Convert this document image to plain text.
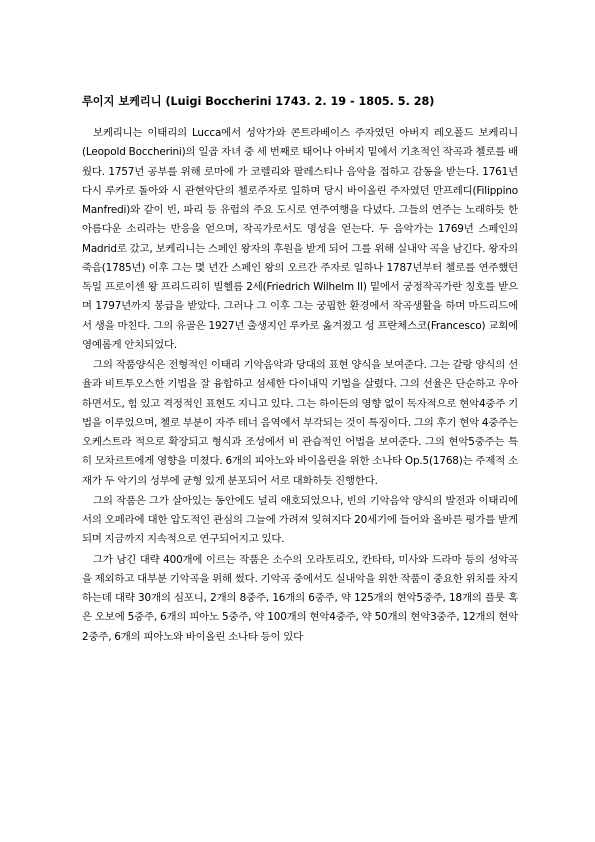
루이지 보케리니 (Luigi Boccherini 1743. 2. 19 - 1805. 5. 28)

보케리니는 이태리의 Lucca에서 성악가와 콘트라베이스 주자였던 아버지 레오폴드 보케리니(Leopold Boccherini)의 일곱 자녀 중 세 번째로 태어나 아버지 밑에서 기초적인 작곡과 첼로를 배웠다. 1757년 공부를 위해 로마에 가 코렐리와 팔레스티나 음악을 접하고 감동을 받는다. 1761년 다시 루카로 돌아와 시 관현악단의 첼로주자로 일하며 당시 바이올린 주자였던 만프레디(Filippino Manfredi)와 같이 빈, 파리 등 유럽의 주요 도시로 연주여행을 다녔다. 그들의 연주는 노래하듯 한 아름다운 소리라는 반응을 얻으며, 작곡가로서도 명성을 얻는다. 두 음악가는 1769년 스페인의 Madrid로 갔고, 보케리니는 스페인 왕자의 후원을 받게 되어 그를 위해 실내악 곡을 남긴다. 왕자의 죽음(1785년) 이후 그는 몇 년간 스페인 왕의 오르간 주자로 일하나 1787년부터 첼로를 연주했던 독일 프로이센 왕 프리드리히 빌헬름 2세(Friedrich Wilhelm II) 밑에서 궁정작곡가란 칭호를 받으며 1797년까지 봉급을 받았다. 그러나 그 이후 그는 궁핍한 환경에서 작곡생활을 하며 마드리드에서 생을 마친다. 그의 유골은 1927년 출생지인 루카로 옮겨졌고 성 프란체스코(Francesco) 교회에 영예롭게 안치되었다.

그의 작품양식은 전형적인 이태리 기악음악과 당대의 표현 양식을 보여준다. 그는 갈랑 양식의 선율과 비트투오스한 기법을 잘 융합하고 섬세한 다이내믹 기법을 살렸다. 그의 선율은 단순하고 우아하면서도, 힘 있고 격정적인 표현도 지니고 있다. 그는 하이든의 영향 없이 독자적으로 현악4중주 기법을 이루었으며, 첼로 부분이 자주 테너 음역에서 부각되는 것이 특징이다. 그의 후기 현악 4중주는 오케스트라 적으로 확장되고 형식과 조성에서 비 관습적인 어법을 보여준다. 그의 현악5중주는 특히 모차르트에게 영향을 미쳤다. 6개의 피아노와 바이올린을 위한 소나타 Op.5(1768)는 주제적 소재가 두 악기의 성부에 균형 있게 분포되어 서로 대화하듯 진행한다.

그의 작품은 그가 살아있는 동안에도 널리 애호되었으나, 빈의 기악음악 양식의 발전과 이태리에서의 오페라에 대한 압도적인 관심의 그늘에 가려져 잊혀지다 20세기에 들어와 올바른 평가를 받게 되며 지금까지 지속적으로 연구되어지고 있다.

그가 남긴 대략 400개에 이르는 작품은 소수의 오라토리오, 칸타타, 미사와 드라마 등의 성악곡을 제외하고 대부분 기악곡을 위해 썼다. 기악곡 중에서도 실내악을 위한 작품이 중요한 위치를 차지하는데 대략 30개의 심포니, 2개의 8중주, 16개의 6중주, 약 125개의 현악5중주, 18개의 플룻 혹은 오보에 5중주, 6개의 피아노 5중주, 약 100개의 현악4중주, 약 50개의 현악3중주, 12개의 현악2중주, 6개의 피아노와 바이올린 소나타 등이 있다
